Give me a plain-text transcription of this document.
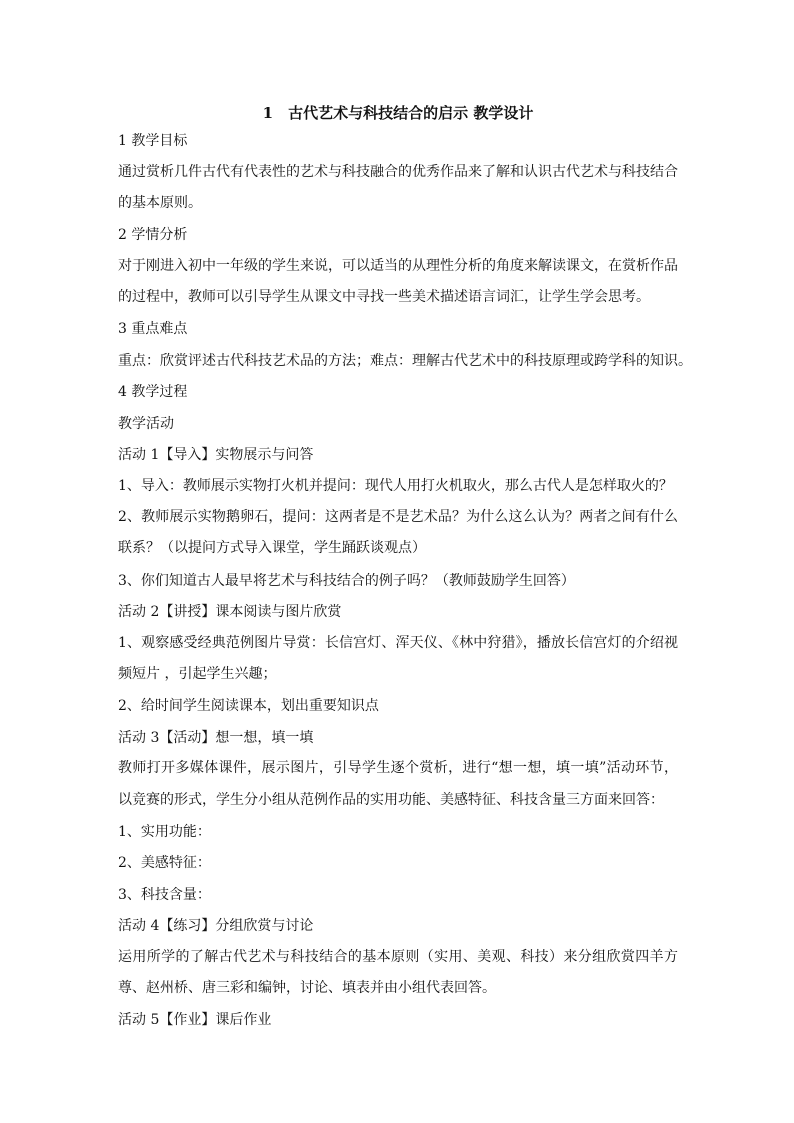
1　古代艺术与科技结合的启示 教学设计
1 教学目标
通过赏析几件古代有代表性的艺术与科技融合的优秀作品来了解和认识古代艺术与科技结合的基本原则。
2 学情分析
对于刚进入初中一年级的学生来说，可以适当的从理性分析的角度来解读课文，在赏析作品的过程中，教师可以引导学生从课文中寻找一些美术描述语言词汇，让学生学会思考。
3 重点难点
重点：欣赏评述古代科技艺术品的方法；难点：理解古代艺术中的科技原理或跨学科的知识。
4 教学过程
教学活动
活动 1【导入】实物展示与问答
1、导入：教师展示实物打火机并提问：现代人用打火机取火，那么古代人是怎样取火的？
2、教师展示实物鹅卵石，提问：这两者是不是艺术品？为什么这么认为？两者之间有什么联系？（以提问方式导入课堂，学生踊跃谈观点）
3、你们知道古人最早将艺术与科技结合的例子吗？（教师鼓励学生回答）
活动 2【讲授】课本阅读与图片欣赏
1、观察感受经典范例图片导赏：长信宫灯、浑天仪、《林中狩猎》，播放长信宫灯的介绍视频短片 ，引起学生兴趣；
2、给时间学生阅读课本，划出重要知识点
活动 3【活动】想一想，填一填
教师打开多媒体课件，展示图片，引导学生逐个赏析，进行“想一想，填一填”活动环节，以竞赛的形式，学生分小组从范例作品的实用功能、美感特征、科技含量三方面来回答：
1、实用功能：
2、美感特征：
3、科技含量：
活动 4【练习】分组欣赏与讨论
运用所学的了解古代艺术与科技结合的基本原则（实用、美观、科技）来分组欣赏四羊方尊、赵州桥、唐三彩和编钟，讨论、填表并由小组代表回答。
活动 5【作业】课后作业
